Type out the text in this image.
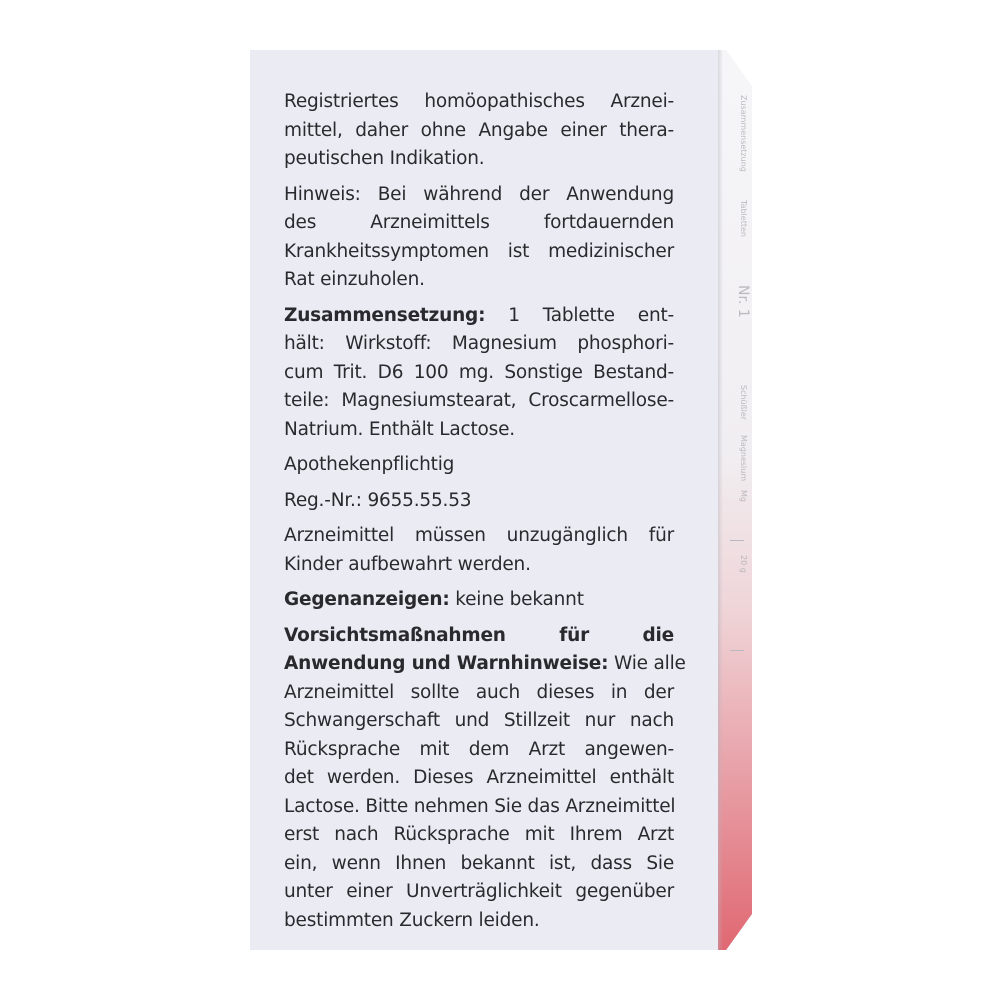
Zusammensetzung
Tabletten
Nr. 1
Schüßler
Magnesium
Mg
20 g

Registriertes homöopathisches Arznei-
mittel, daher ohne Angabe einer thera-
peutischen Indikation.

Hinweis: Bei während der Anwendung
des Arzneimittels fortdauernden
Krankheitssymptomen ist medizinischer
Rat einzuholen.

Zusammensetzung: 1 Tablette ent-
hält: Wirkstoff: Magnesium phosphori-
cum Trit. D6 100 mg. Sonstige Bestand-
teile: Magnesiumstearat, Croscarmellose-
Natrium. Enthält Lactose.

Apothekenpflichtig

Reg.-Nr.: 9655.55.53

Arzneimittel müssen unzugänglich für
Kinder aufbewahrt werden.

Gegenanzeigen: keine bekannt

Vorsichtsmaßnahmen für die
Anwendung und Warnhinweise: Wie alle
Arzneimittel sollte auch dieses in der
Schwangerschaft und Stillzeit nur nach
Rücksprache mit dem Arzt angewen-
det werden. Dieses Arzneimittel enthält
Lactose. Bitte nehmen Sie das Arzneimittel
erst nach Rücksprache mit Ihrem Arzt
ein, wenn Ihnen bekannt ist, dass Sie
unter einer Unverträglichkeit gegenüber
bestimmten Zuckern leiden.
